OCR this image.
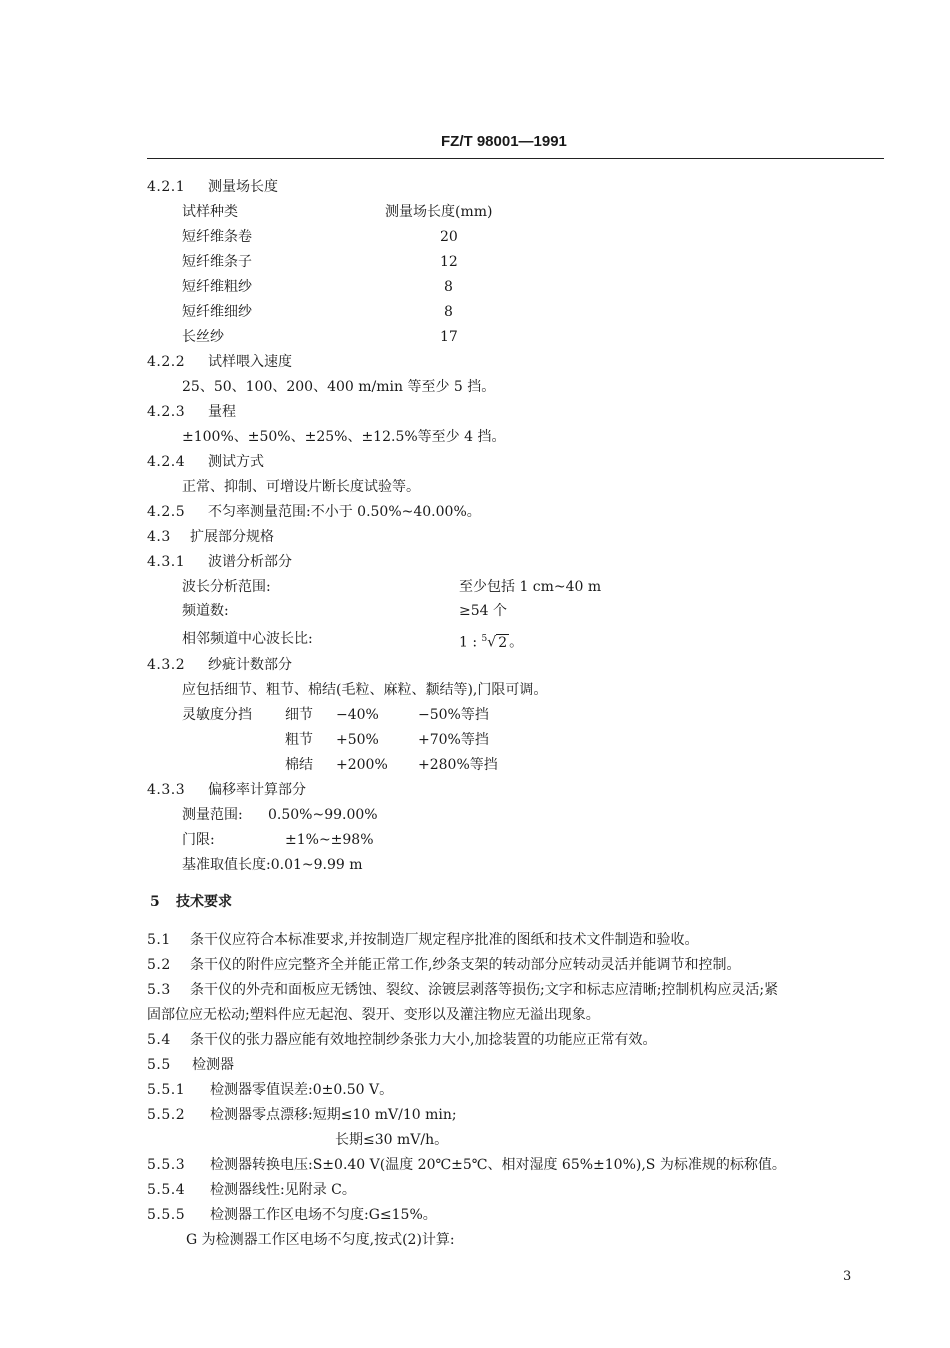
FZ/T 98001—1991
4.2.1 测量场长度
试样种类	测量场长度(mm)
短纤维条卷	20
短纤维条子	12
短纤维粗纱	8
短纤维细纱	8
长丝纱	17
4.2.2 试样喂入速度
25、50、100、200、400 m/min 等至少 5 挡。
4.2.3 量程
±100%、±50%、±25%、±12.5%等至少 4 挡。
4.2.4 测试方式
正常、抑制、可增设片断长度试验等。
4.2.5 不匀率测量范围:不小于 0.50%~40.00%。
4.3 扩展部分规格
4.3.1 波谱分析部分
波长分析范围:	至少包括 1 cm~40 m
频道数:	≥54 个
相邻频道中心波长比:	1 : $^5$√ 2 。
4.3.2 纱疵计数部分
应包括细节、粗节、棉结(毛粒、麻粒、颣结等),门限可调。
灵敏度分挡 细节 −40%	−50%等挡
粗节 +50%	+70%等挡
棉结 +200% +280%等挡
4.3.3 偏移率计算部分
测量范围: 0.50%~99.00%
门限:	±1%~±98%
基准取值长度:0.01~9.99 m
5 技术要求
5.1 条干仪应符合本标准要求,并按制造厂规定程序批准的图纸和技术文件制造和验收。
5.2 条干仪的附件应完整齐全并能正常工作,纱条支架的转动部分应转动灵活并能调节和控制。
5.3 条干仪的外壳和面板应无锈蚀、裂纹、涂镀层剥落等损伤;文字和标志应清晰;控制机构应灵活;紧
固部位应无松动;塑料件应无起泡、裂开、变形以及灌注物应无溢出现象。
5.4 条干仪的张力器应能有效地控制纱条张力大小,加捻装置的功能应正常有效。
5.5 检测器
5.5.1 检测器零值误差:0±0.50 V。
5.5.2 检测器零点漂移:短期≤10 mV/10 min;
长期≤30 mV/h。
5.5.3 检测器转换电压:S±0.40 V(温度 20℃±5℃、相对湿度 65%±10%),S 为标准规的标称值。
5.5.4 检测器线性:见附录 C。
5.5.5 检测器工作区电场不匀度:G≤15%。
G 为检测器工作区电场不匀度,按式(2)计算:
3
